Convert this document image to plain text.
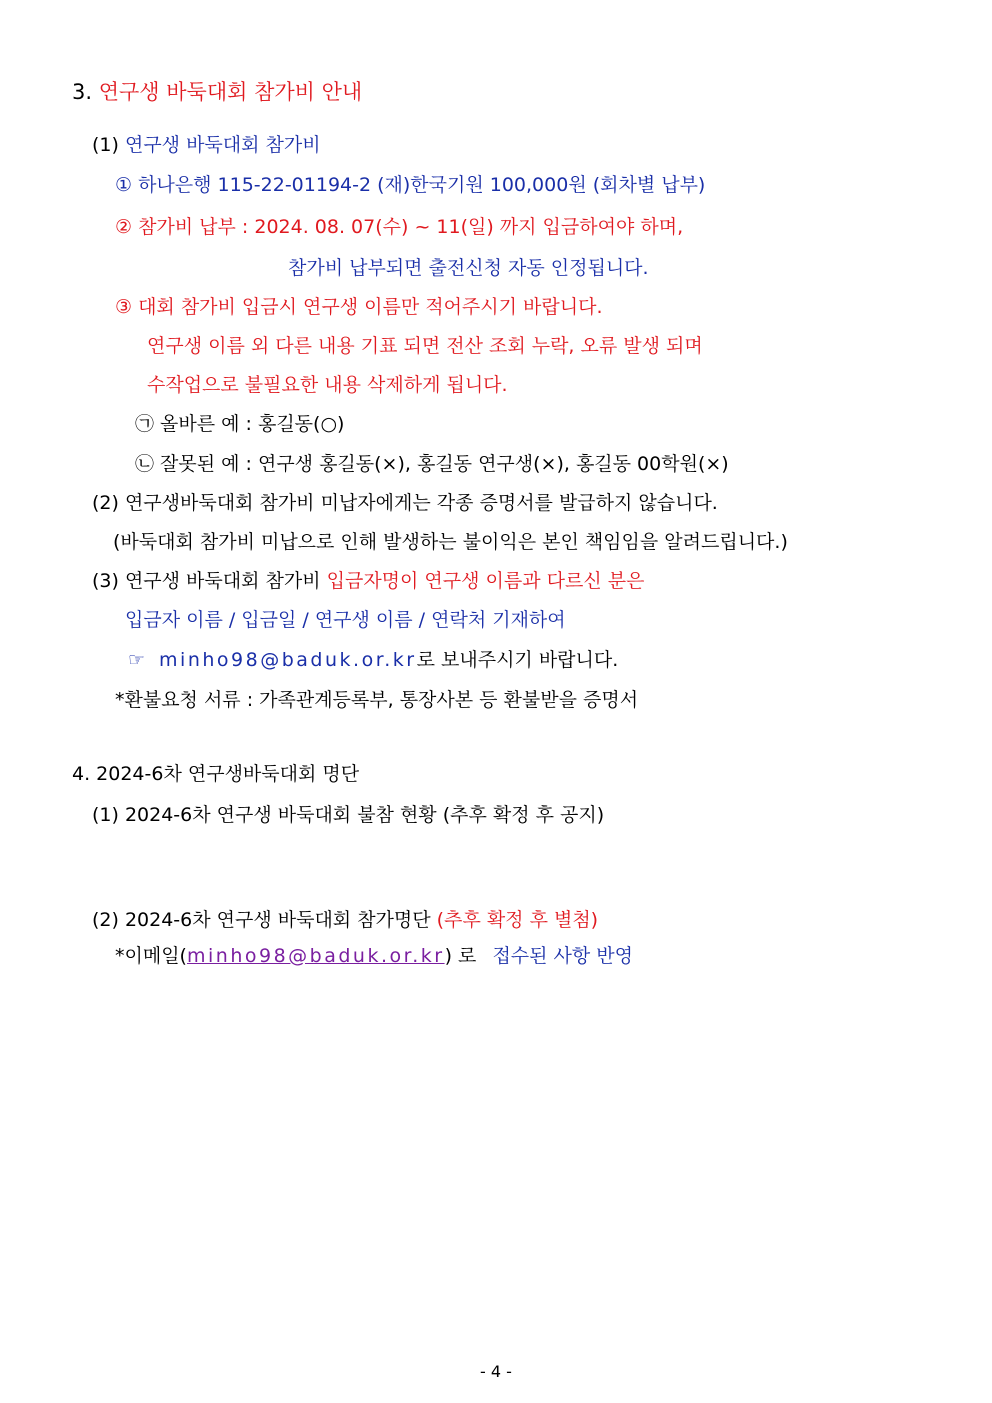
3. 연구생 바둑대회 참가비 안내
(1) 연구생 바둑대회 참가비
① 하나은행 115-22-01194-2 (재)한국기원 100,000원 (회차별 납부)
② 참가비 납부 : 2024. 08. 07(수) ~ 11(일) 까지 입금하여야 하며,
참가비 납부되면 출전신청 자동 인정됩니다.
③ 대회 참가비 입금시 연구생 이름만 적어주시기 바랍니다.
연구생 이름 외 다른 내용 기표 되면 전산 조회 누락, 오류 발생 되며
수작업으로 불필요한 내용 삭제하게 됩니다.
㉠ 올바른 예 : 홍길동(○)
㉡ 잘못된 예 : 연구생 홍길동(×), 홍길동 연구생(×), 홍길동 00학원(×)
(2) 연구생바둑대회 참가비 미납자에게는 각종 증명서를 발급하지 않습니다.
(바둑대회 참가비 미납으로 인해 발생하는 불이익은 본인 책임임을 알려드립니다.)
(3) 연구생 바둑대회 참가비 입금자명이 연구생 이름과 다르신 분은
입금자 이름 / 입금일 / 연구생 이름 / 연락처 기재하여
☞ minho98@baduk.or.kr로 보내주시기 바랍니다.
*환불요청 서류 : 가족관계등록부, 통장사본 등 환불받을 증명서
4. 2024-6차 연구생바둑대회 명단
(1) 2024-6차 연구생 바둑대회 불참 현황 (추후 확정 후 공지)
(2) 2024-6차 연구생 바둑대회 참가명단 (추후 확정 후 별첨)
*이메일(minho98@baduk.or.kr) 로 접수된 사항 반영
- 4 -
